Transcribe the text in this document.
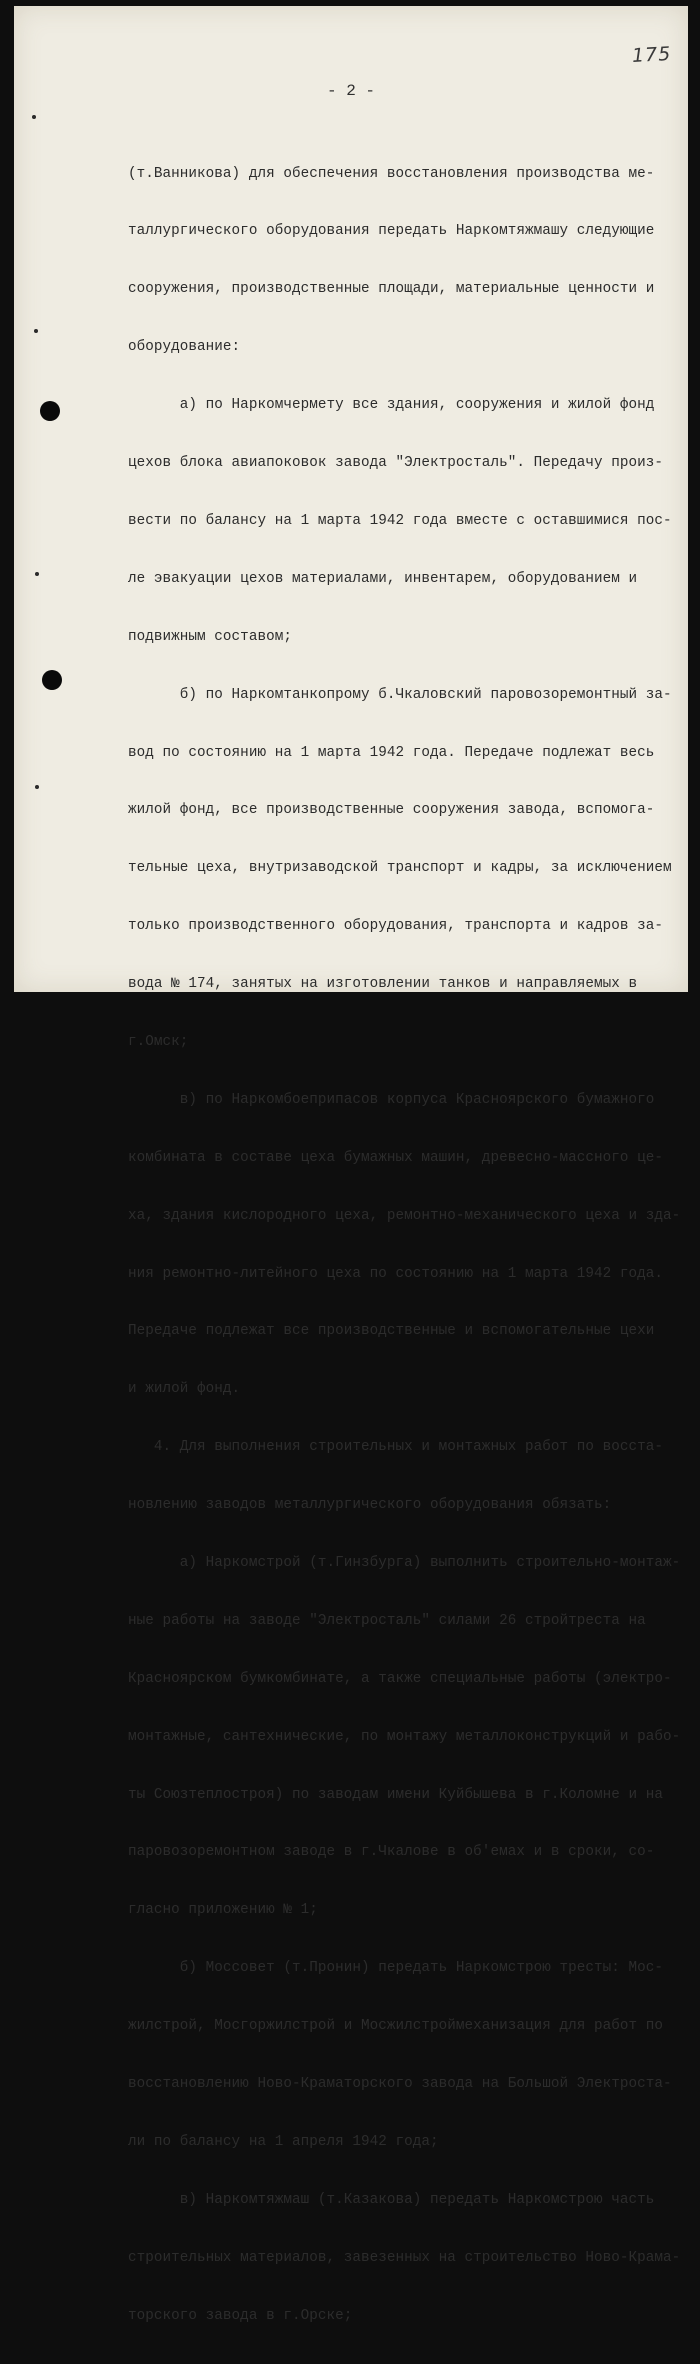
175
- 2 -

(т.Ванникова) для обеспечения восстановления производства ме-

таллургического оборудования передать Наркомтяжмашу следующие

сооружения, производственные площади, материальные ценности и

оборудование:

а) по Наркомчермету все здания, сооружения и жилой фонд

цехов блока авиапоковок завода "Электросталь". Передачу произ-

вести по балансу на 1 марта 1942 года вместе с оставшимися пос-

ле эвакуации цехов материалами, инвентарем, оборудованием и

подвижным составом;

б) по Наркомтанкопрому б.Чкаловский паровозоремонтный за-

вод по состоянию на 1 марта 1942 года. Передаче подлежат весь

жилой фонд, все производственные сооружения завода, вспомога-

тельные цеха, внутризаводской транспорт и кадры, за исключением

только производственного оборудования, транспорта и кадров за-

вода № 174, занятых на изготовлении танков и направляемых в

г.Омск;

в) по Наркомбоеприпасов корпуса Красноярского бумажного

комбината в составе цеха бумажных машин, древесно-массного це-

ха, здания кислородного цеха, ремонтно-механического цеха и зда-

ния ремонтно-литейного цеха по состоянию на 1 марта 1942 года.

Передаче подлежат все производственные и вспомогательные цехи

и жилой фонд.

4. Для выполнения строительных и монтажных работ по восста-

новлению заводов металлургического оборудования обязать:

а) Наркомстрой (т.Гинзбурга) выполнить строительно-монтаж-

ные работы на заводе "Электросталь" силами 26 стройтреста на

Красноярском бумкомбинате, а также специальные работы (электро-

монтажные, сантехнические, по монтажу металлоконструкций и рабо-

ты Союзтеплостроя) по заводам имени Куйбышева в г.Коломне и на

паровозоремонтном заводе в г.Чкалове в об'емах и в сроки, со-

гласно приложению № 1;

б) Моссовет (т.Пронин) передать Наркомстрою тресты: Мос-

жилстрой, Мосгоржилстрой и Мосжилстроймеханизация для работ по

восстановлению Ново-Краматорского завода на Большой Электроста-

ли по балансу на 1 апреля 1942 года;

в) Наркомтяжмаш (т.Казакова) передать Наркомстрою часть

строительных материалов, завезенных на строительство Ново-Крама-

торского завода в г.Орске;
